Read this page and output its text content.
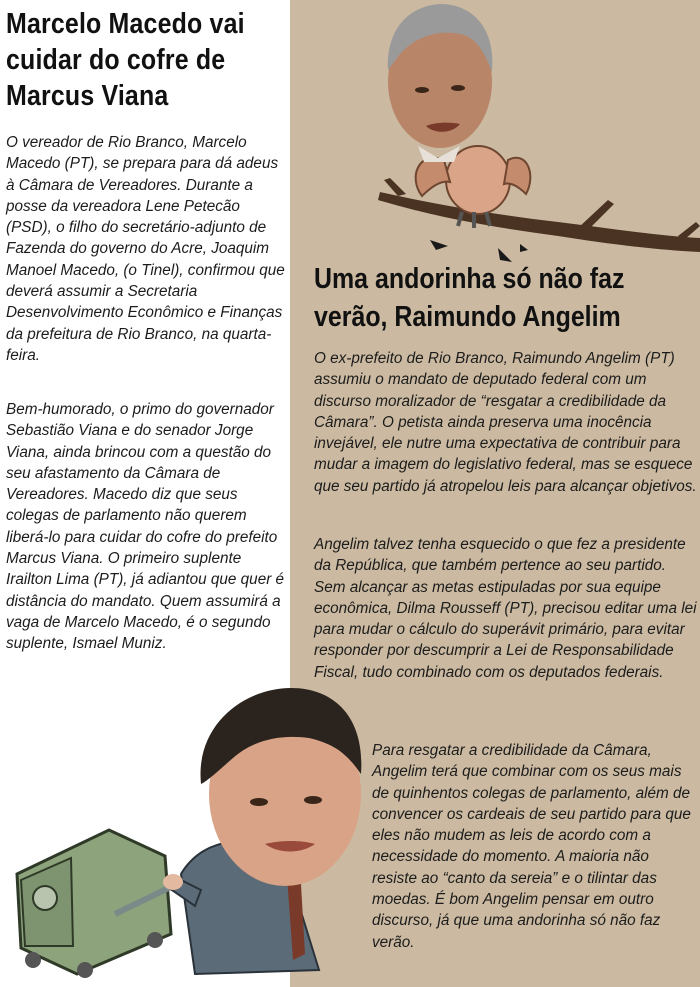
Marcelo Macedo vai cuidar do cofre de Marcus Viana

O vereador de Rio Branco, Marcelo Macedo (PT), se prepara para dá adeus à Câmara de Vereadores. Durante a posse da vereadora Lene Petecão (PSD), o filho do secretário-adjunto de Fazenda do governo do Acre, Joaquim Manoel Macedo, (o Tinel), confirmou que deverá assumir a Secretaria Desenvolvimento Econômico e Finanças da prefeitura de Rio Branco, na quarta-feira.

Bem-humorado, o primo do governador Sebastião Viana e do senador Jorge Viana, ainda brincou com a questão do seu afastamento da Câmara de Vereadores. Macedo diz que seus colegas de parlamento não querem liberá-lo para cuidar do cofre do prefeito Marcus Viana. O primeiro suplente Irailton Lima (PT), já adiantou que quer é distância do mandato. Quem assumirá a vaga de Marcelo Macedo, é o segundo suplente, Ismael Muniz.

Uma andorinha só não faz verão, Raimundo Angelim

O ex-prefeito de Rio Branco, Raimundo Angelim (PT) assumiu o mandato de deputado federal com um discurso moralizador de “resgatar a credibilidade da Câmara”. O petista ainda preserva uma inocência invejável, ele nutre uma expectativa de contribuir para mudar a imagem do legislativo federal, mas se esquece que seu partido já atropelou leis para alcançar objetivos.

Angelim talvez tenha esquecido o que fez a presidente da República, que também pertence ao seu partido. Sem alcançar as metas estipuladas por sua equipe econômica, Dilma Rousseff (PT), precisou editar uma lei para mudar o cálculo do superávit primário, para evitar responder por descumprir a Lei de Responsabilidade Fiscal, tudo combinado com os deputados federais.

Para resgatar a credibilidade da Câmara, Angelim terá que combinar com os seus mais de quinhentos colegas de parlamento, além de convencer os cardeais de seu partido para que eles não mudem as leis de acordo com a necessidade do momento. A maioria não resiste ao “canto da sereia” e o tilintar das moedas. É bom Angelim pensar em outro discurso, já que uma andorinha só não faz verão.
